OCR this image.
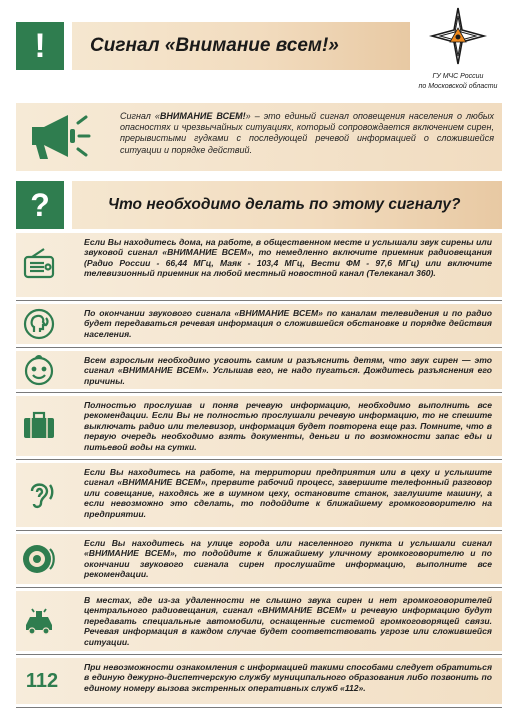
!	Сигнал «Внимание всем!»
ГУ МЧС России
по Московской области
Сигнал «ВНИМАНИЕ ВСЕМ!» – это единый сигнал оповещения населения о любых опасностях и чрезвычайных ситуациях, который сопровождается включением сирен, прерывистыми гудками с последующей речевой информацией о сложившейся ситуации и порядке действий.
?	Что необходимо делать по этому сигналу?
Если Вы находитесь дома, на работе, в общественном месте и услышали звук сирены или звуковой сигнал «ВНИМАНИЕ ВСЕМ», то немедленно включите приемник радиовещания (Радио России - 66,44 МГц, Маяк - 103,4 МГц, Вести ФМ - 97,6 МГц) или включите телевизионный приемник на любой местный новостной канал (Телеканал 360).
По окончании звукового сигнала «ВНИМАНИЕ ВСЕМ» по каналам телевидения и по радио будет передаваться речевая информация о сложившейся обстановке и порядке действия населения.
Всем взрослым необходимо усвоить самим и разъяснить детям, что звук сирен — это сигнал «ВНИМАНИЕ ВСЕМ». Услышав его, не надо пугаться. Дождитесь разъяснения его причины.
Полностью прослушав и поняв речевую информацию, необходимо выполнить все рекомендации. Если Вы не полностью прослушали речевую информацию, то не спешите выключать радио или телевизор, информация будет повторена еще раз. Помните, что в первую очередь необходимо взять документы, деньги и по возможности запас еды и питьевой воды на сутки.
Если Вы находитесь на работе, на территории предприятия или в цеху и услышите сигнал «ВНИМАНИЕ ВСЕМ», прервите рабочий процесс, завершите телефонный разговор или совещание, находясь же в шумном цеху, остановите станок, заглушите машину, а если невозможно это сделать, то подойдите к ближайшему громкоговорителю на предприятии.
Если Вы находитесь на улице города или населенного пункта и услышали сигнал «ВНИМАНИЕ ВСЕМ», то подойдите к ближайшему уличному громкоговорителю и по окончании звукового сигнала сирен прослушайте информацию, выполните все рекомендации.
В местах, где из-за удаленности не слышно звука сирен и нет громкоговорителей центрального радиовещания, сигнал «ВНИМАНИЕ ВСЕМ» и речевую информацию будут передавать специальные автомобили, оснащенные системой громкоговорящей связи. Речевая информация в каждом случае будет соответствовать угрозе или сложившейся ситуации.
112
При невозможности ознакомления с информацией такими способами следует обратиться в единую дежурно-диспетчерскую службу муниципального образования либо позвонить по единому номеру вызова экстренных оперативных служб «112».
